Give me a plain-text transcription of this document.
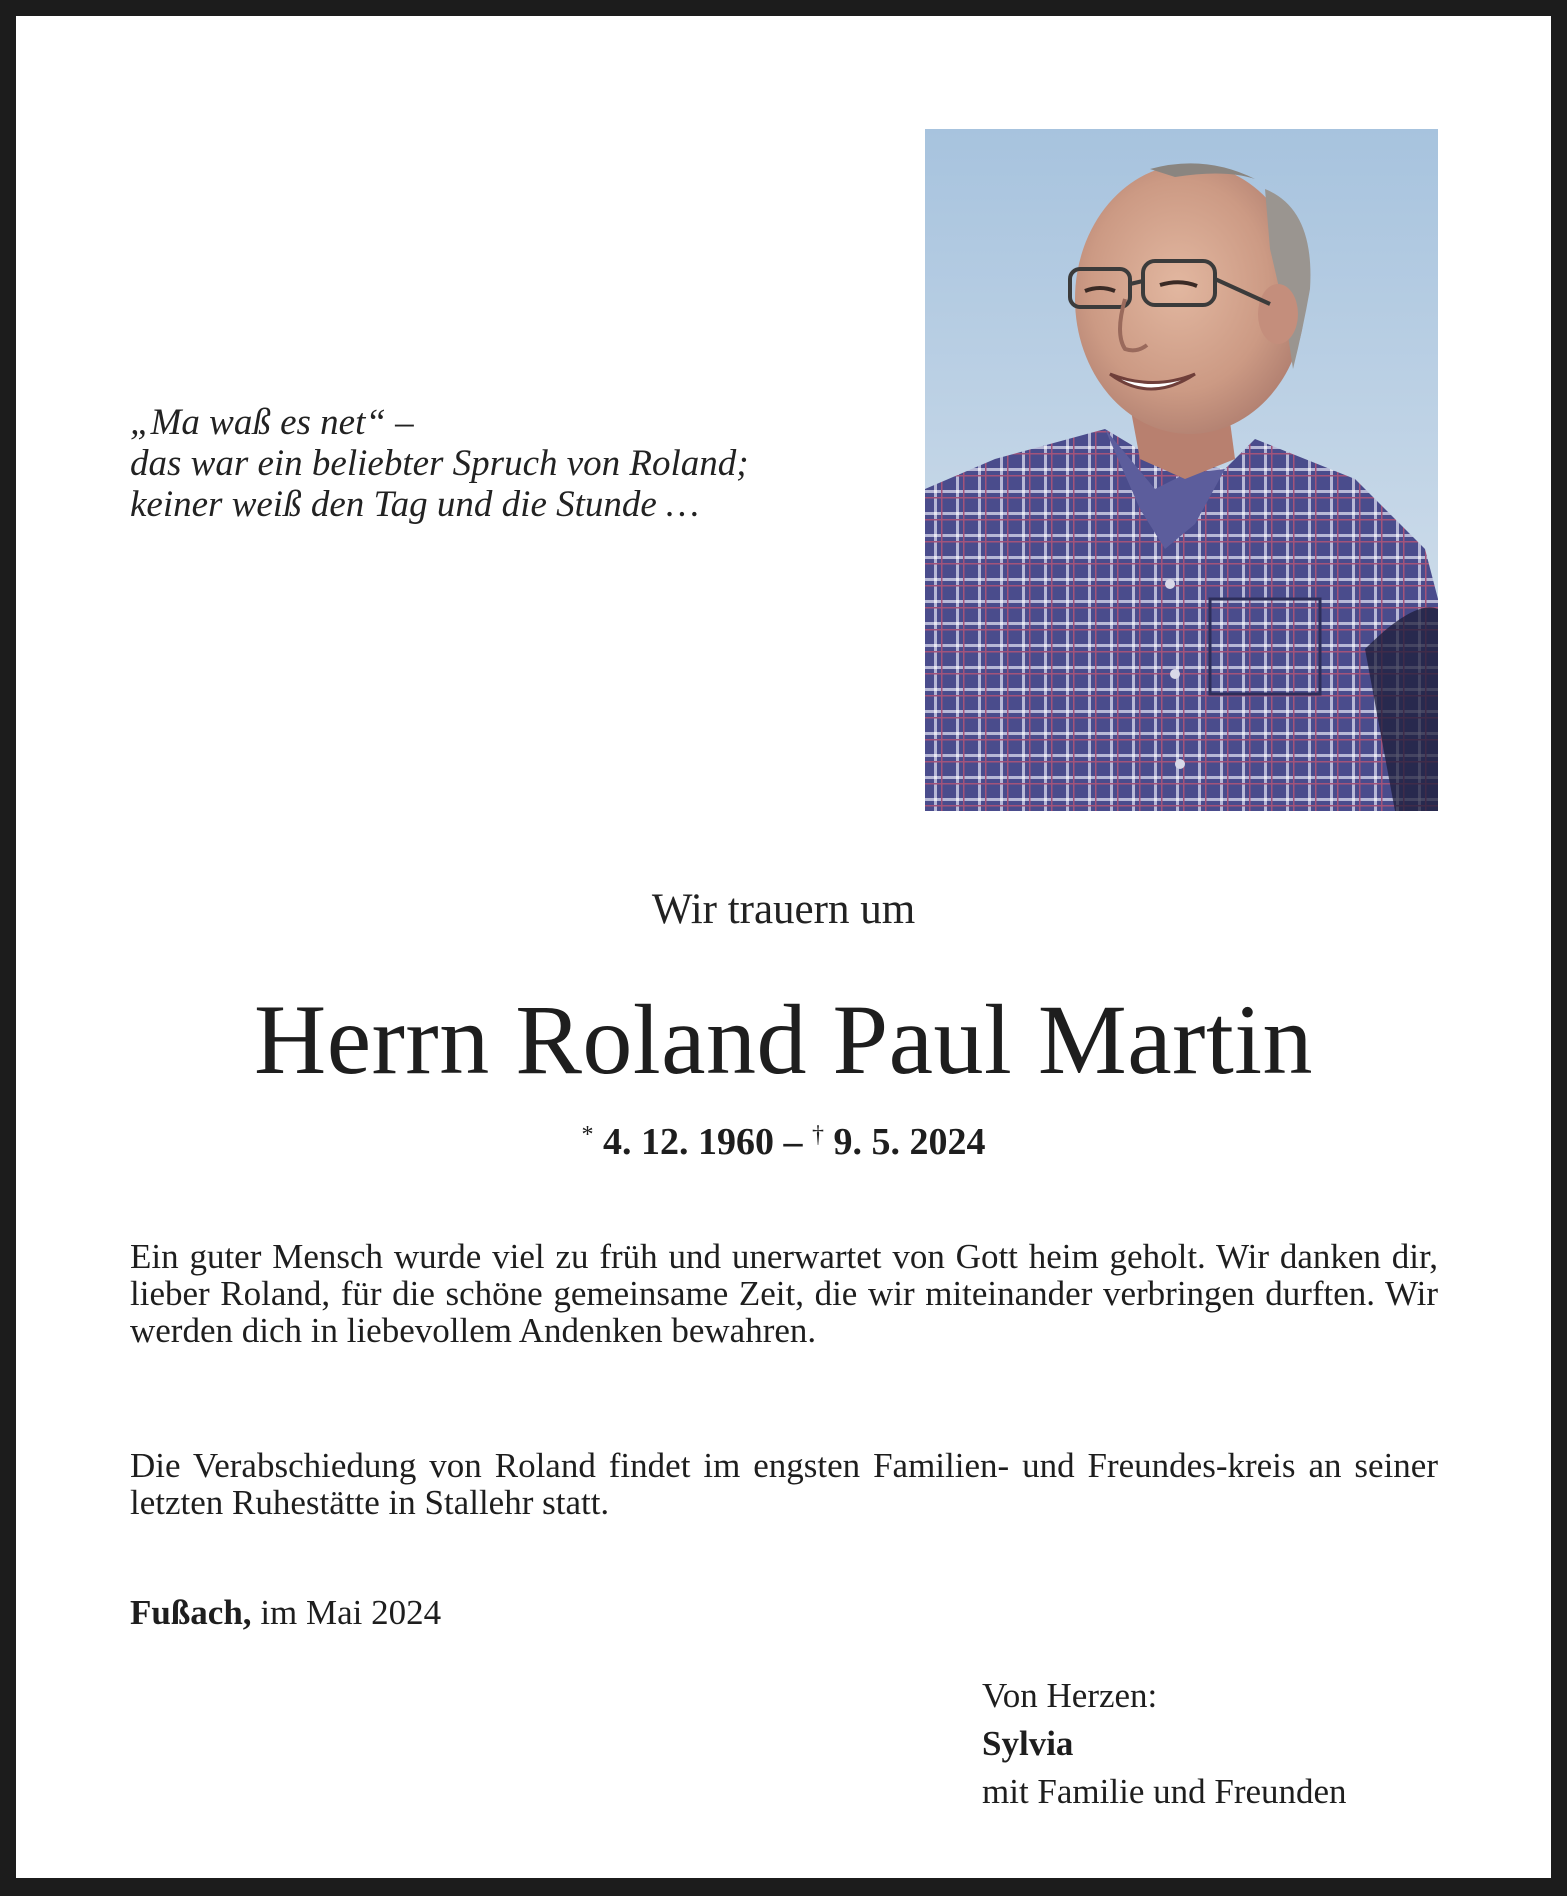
„Ma waß es net“ –
das war ein beliebter Spruch von Roland;
keiner weiß den Tag und die Stunde …
Wir trauern um
Herrn Roland Paul Martin
* 4. 12. 1960 – † 9. 5. 2024
Ein guter Mensch wurde viel zu früh und unerwartet von Gott heim geholt. Wir danken dir, lieber Roland, für die schöne gemeinsame Zeit, die wir miteinander verbringen durften. Wir werden dich in liebevollem Andenken bewahren.
Die Verabschiedung von Roland findet im engsten Familien- und Freundes-kreis an seiner letzten Ruhestätte in Stallehr statt.
Fußach, im Mai 2024
Von Herzen:
Sylvia
mit Familie und Freunden
